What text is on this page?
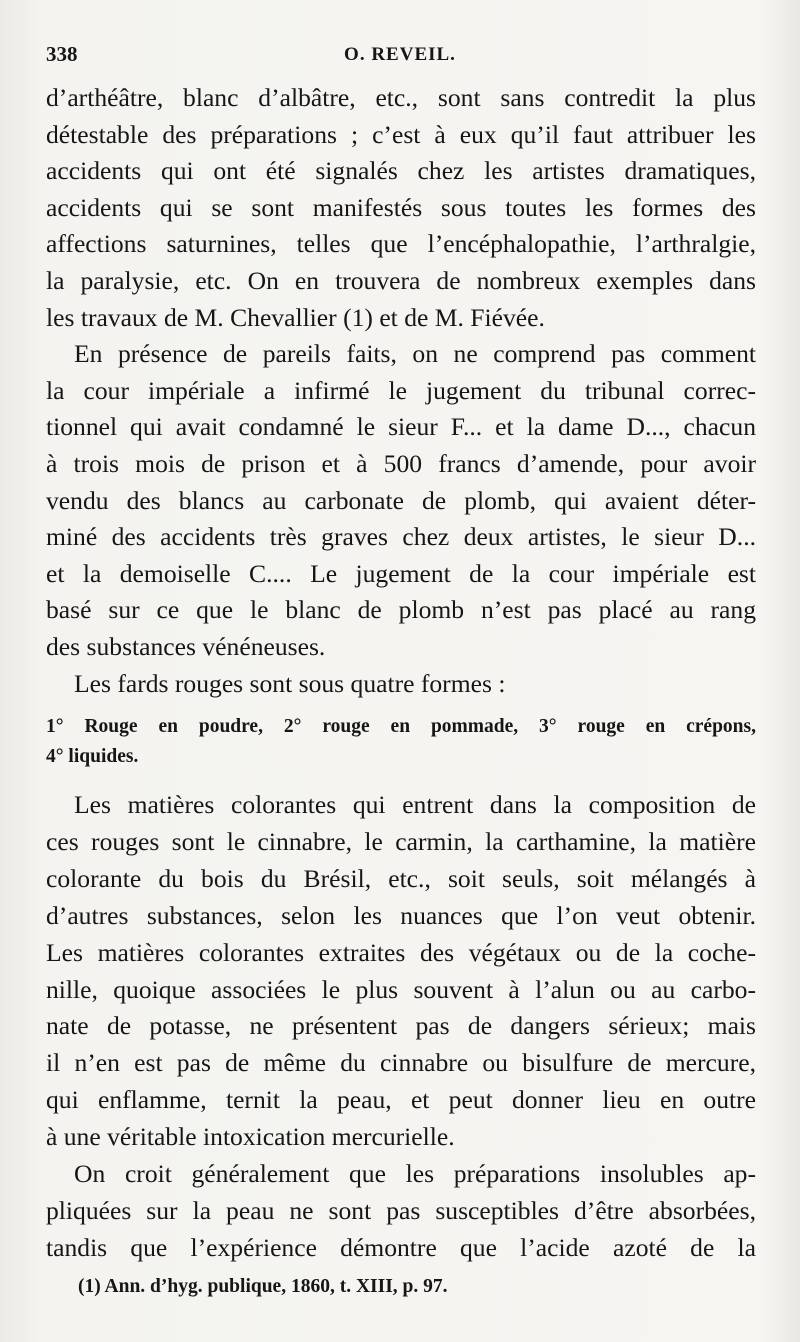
338	O. REVEIL.
d’arthéâtre, blanc d’albâtre, etc., sont sans contredit la plus
détestable des préparations ; c’est à eux qu’il faut attribuer les
accidents qui ont été signalés chez les artistes dramatiques,
accidents qui se sont manifestés sous toutes les formes des
affections saturnines, telles que l’encéphalopathie, l’arthralgie,
la paralysie, etc. On en trouvera de nombreux exemples dans
les travaux de M. Chevallier (1) et de M. Fiévée.
En présence de pareils faits, on ne comprend pas comment
la cour impériale a infirmé le jugement du tribunal correc-
tionnel qui avait condamné le sieur F... et la dame D..., chacun
à trois mois de prison et à 500 francs d’amende, pour avoir
vendu des blancs au carbonate de plomb, qui avaient déter-
miné des accidents très graves chez deux artistes, le sieur D...
et la demoiselle C.... Le jugement de la cour impériale est
basé sur ce que le blanc de plomb n’est pas placé au rang
des substances vénéneuses.
Les fards rouges sont sous quatre formes :
1° Rouge en poudre, 2° rouge en pommade, 3° rouge en crépons,
4° liquides.
Les matières colorantes qui entrent dans la composition de
ces rouges sont le cinnabre, le carmin, la carthamine, la matière
colorante du bois du Brésil, etc., soit seuls, soit mélangés à
d’autres substances, selon les nuances que l’on veut obtenir.
Les matières colorantes extraites des végétaux ou de la coche-
nille, quoique associées le plus souvent à l’alun ou au carbo-
nate de potasse, ne présentent pas de dangers sérieux; mais
il n’en est pas de même du cinnabre ou bisulfure de mercure,
qui enflamme, ternit la peau, et peut donner lieu en outre
à une véritable intoxication mercurielle.
On croit généralement que les préparations insolubles ap-
pliquées sur la peau ne sont pas susceptibles d’être absorbées,
tandis que l’expérience démontre que l’acide azoté de la
(1) Ann. d’hyg. publique, 1860, t. XIII, p. 97.
